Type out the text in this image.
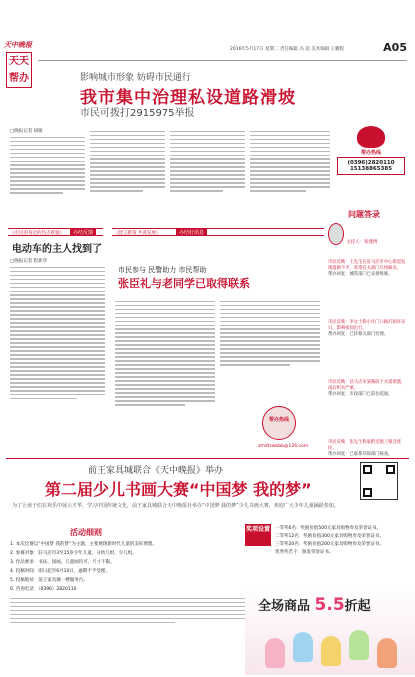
天中晚报
天天帮办
2016年5月17日 星期二 责任编辑 冯 超 美术编辑 王鹏程	A05
影响城市形象 妨碍市民通行
我市集中治理私设道路滑坡
市民可拨打2915975举报
帮办热线
(0396)2820110
15138865385
□晚报记者 胡敏
《市民的身边的热点难题》	办结反馈	《建言献策 共谋发展》	办结好消息
电动车的主人找到了
□晚报记者 程新华
市民参与 民警助力 市民帮助
张臣礼与老同学已取得联系
帮办热线
zmdtzwbbb@126.com
问题答录
主持人：张燕博
市民反映：王先生在驻马店市中心街道发现道路不平，希望有关部门尽快解决。
帮办回复：城管部门已安排维修。
市民反映：李女士称小区门口路灯损坏多日，影响夜间出行。
帮办回复：已转相关部门处理。
市民反映：驻马店市某路段下水道堵塞，雨后积水严重。
帮办回复：市政部门已前往疏通。
市民反映：张先生称家附近施工噪音扰民。
帮办回复：已联系环保部门核查。
前王家具城联合《天中晚报》举办
第二届少儿书画大赛“中国梦 我的梦”
为了让孩子们在欢乐中展示才华，学习中国传统文化，前王家具城联合天中晚报社举办“中国梦 我的梦”少儿书画大赛，欢迎广大少年儿童踊跃参加。
活动细则
1. 本次比赛以“中国梦 我的梦”为主题，主要展现新时代儿童的美好理想。
2. 参赛对象：驻马店市3至15岁少年儿童，分幼儿组、少儿组。
3. 作品要求：书法、国画、儿童画均可，尺寸不限。
4. 投稿时间：即日起至6月10日，逾期不予受理。
5. 投稿地址：前王家具城一楼服务台。
6. 咨询电话：（0396）2820110
奖项设置 一等奖6名：奖励价值500元家具购物券及荣誉证书。
二等奖12名：奖励价值300元家具购物券及荣誉证书。
三等奖20名：奖励价值200元家具购物券及荣誉证书。
优秀奖若干：颁发荣誉证书。
全场商品 5.5折起
